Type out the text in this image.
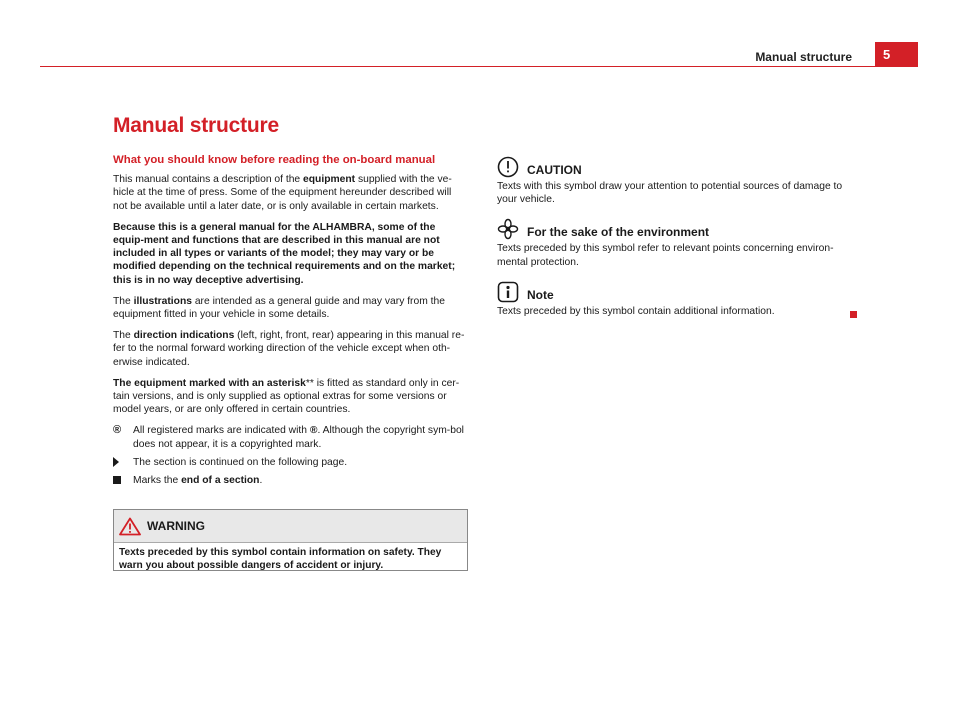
Manual structure	5
Manual structure
What you should know before reading the on-board manual

This manual contains a description of the equipment supplied with the ve-hicle at the time of press. Some of the equipment hereunder described will not be available until a later date, or is only available in certain markets.

Because this is a general manual for the ALHAMBRA, some of the equip-ment and functions that are described in this manual are not included in all types or variants of the model; they may vary or be modified depending on the technical requirements and on the market; this is in no way deceptive advertising.

The illustrations are intended as a general guide and may vary from the equipment fitted in your vehicle in some details.

The direction indications (left, right, front, rear) appearing in this manual re-fer to the normal forward working direction of the vehicle except when oth-erwise indicated.

The equipment marked with an asterisk** is fitted as standard only in cer-tain versions, and is only supplied as optional extras for some versions or model years, or are only offered in certain countries.

®	All registered marks are indicated with ®. Although the copyright sym-bol does not appear, it is a copyrighted mark.
The section is continued on the following page.
Marks the end of a section.
WARNING
Texts preceded by this symbol contain information on safety. They warn you about possible dangers of accident or injury.
CAUTION

Texts with this symbol draw your attention to potential sources of damage to your vehicle.

For the sake of the environment

Texts preceded by this symbol refer to relevant points concerning environ-mental protection.

Note

Texts preceded by this symbol contain additional information.
